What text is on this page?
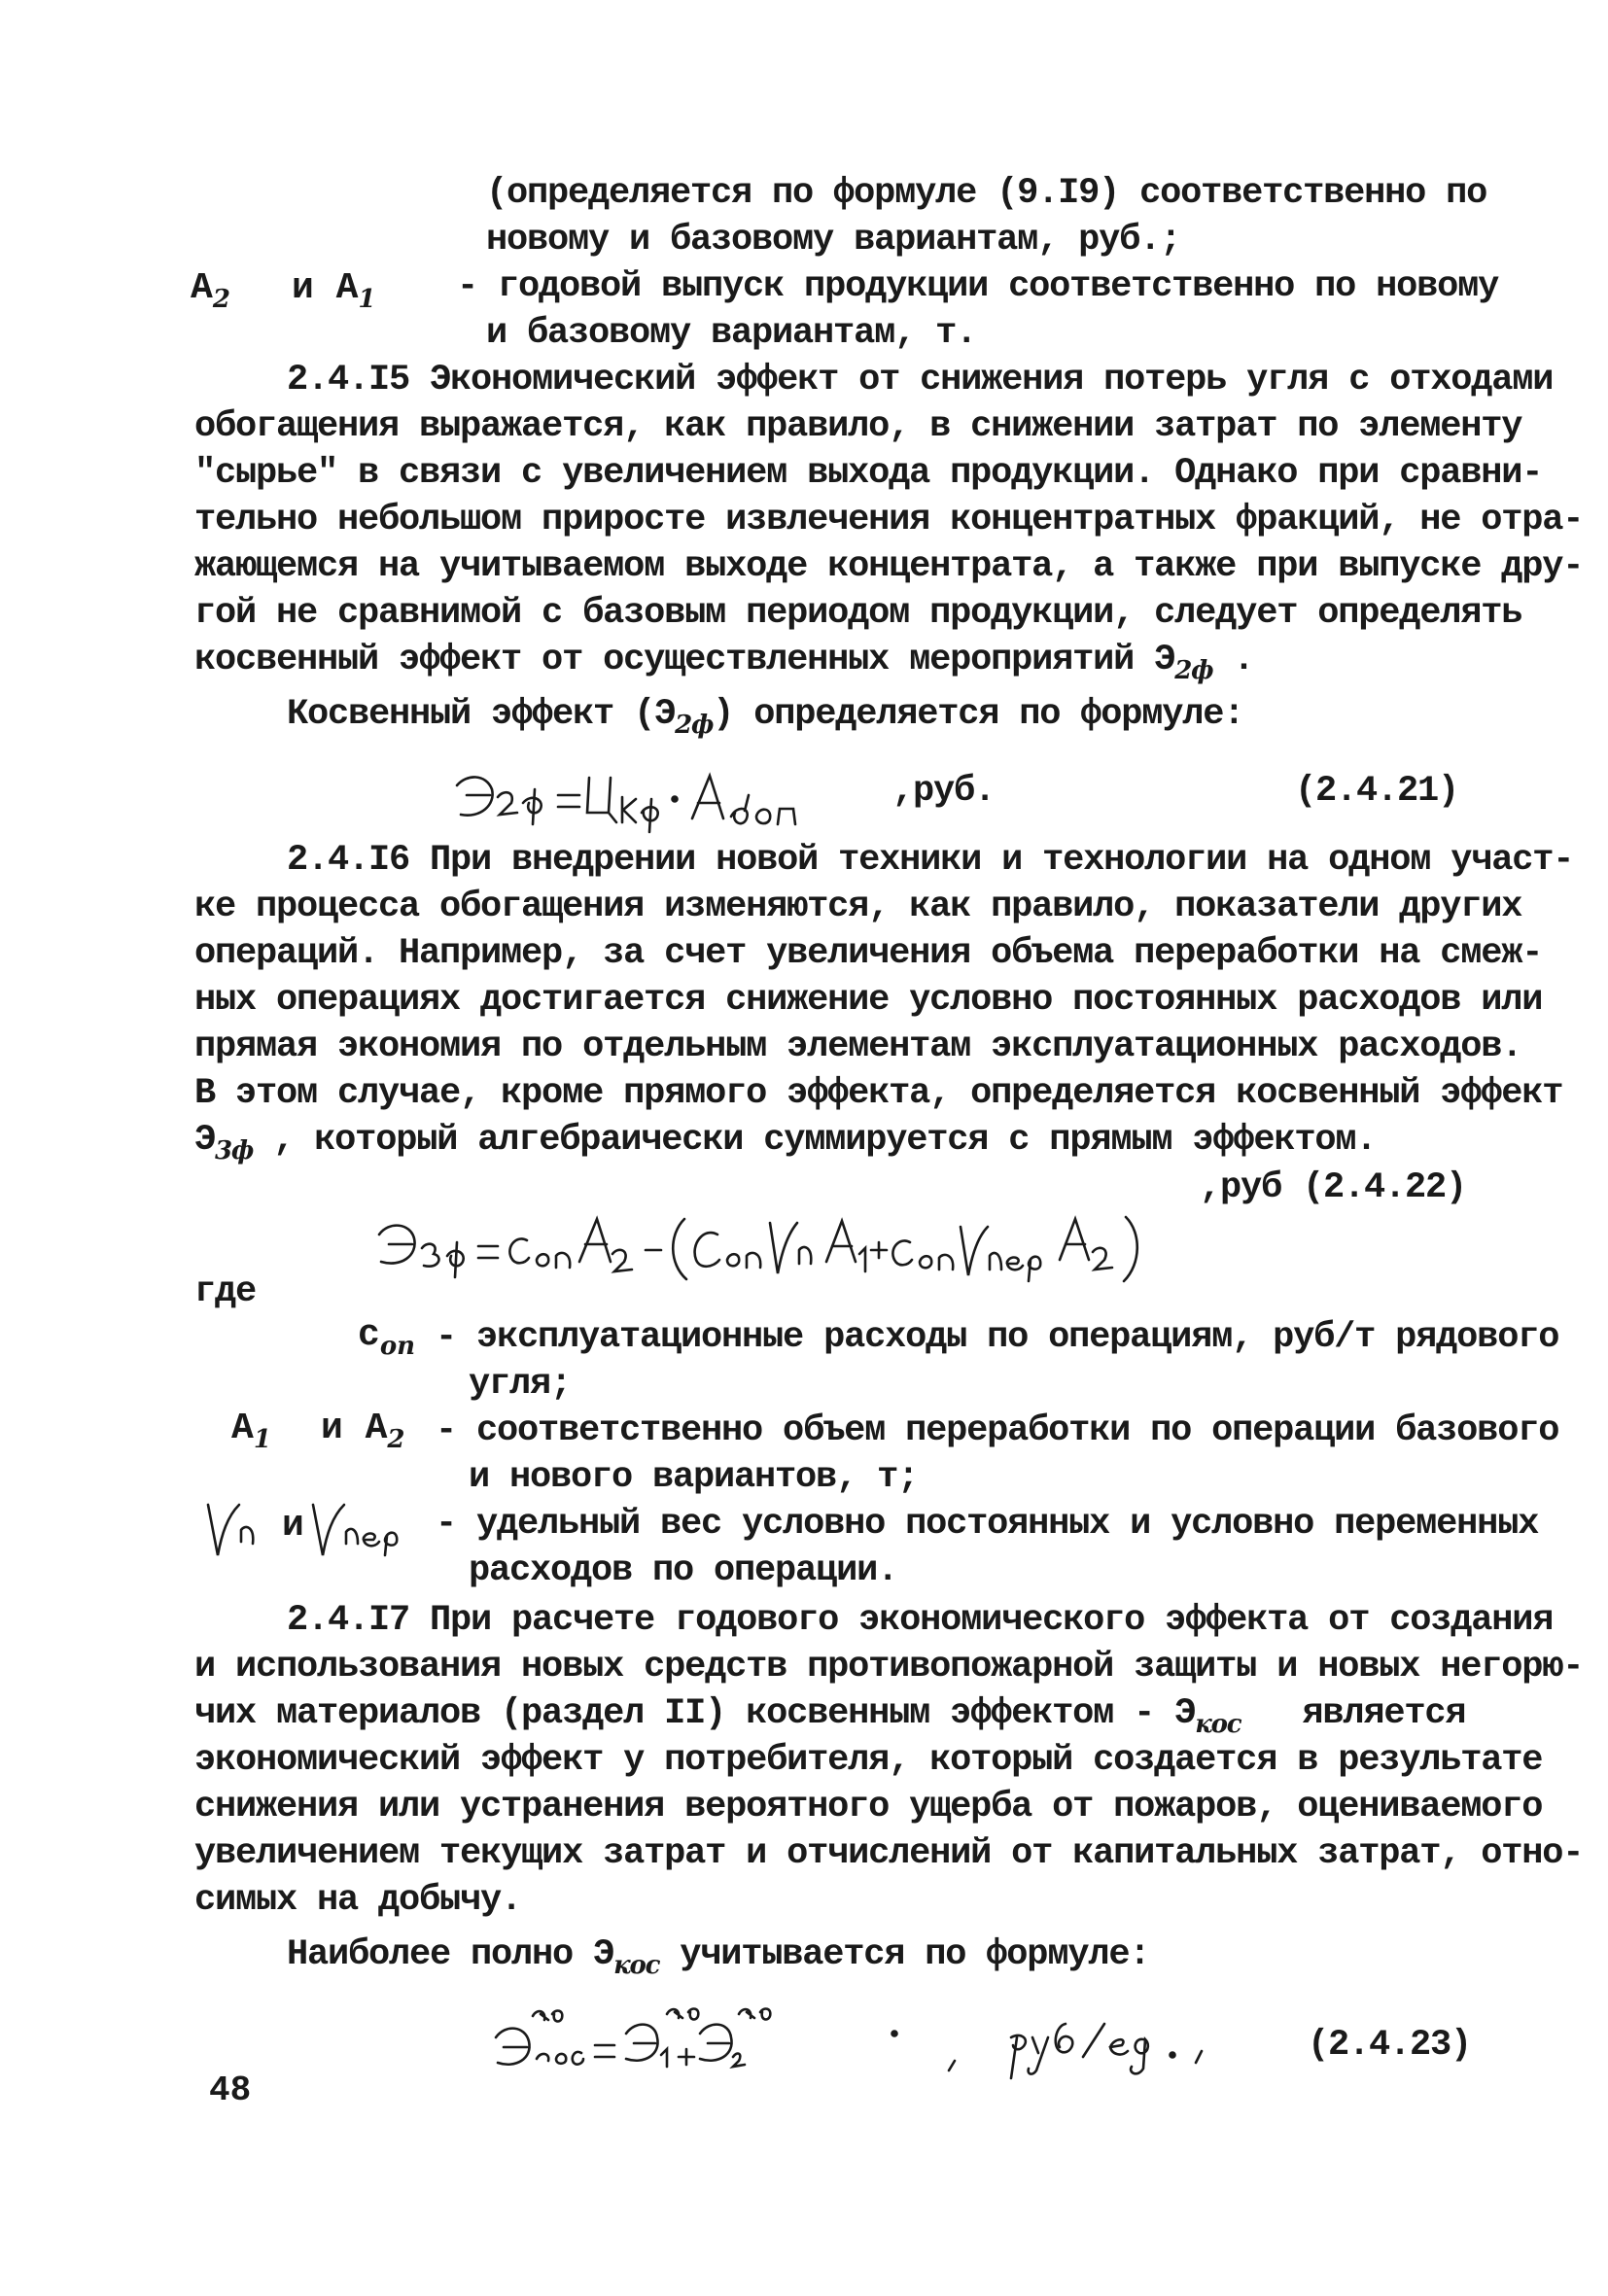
(определяется по формуле (9.I9) соответственно по

новому и базовому вариантам, руб.;

$A_2$ и $A_1$ - годовой выпуск продукции соответственно по новому

и базовому вариантам, т.

2.4.I5 Экономический эффект от снижения потерь угля с отходами

обогащения выражается, как правило, в снижении затрат по элементу

"сырье" в связи с увеличением выхода продукции. Однако при сравни-

тельно небольшом приросте извлечения концентратных фракций, не отра-

жающемся на учитываемом выходе концентрата, а также при выпуске дру-

гой не сравнимой с базовым периодом продукции, следует определять

косвенный эффект от осуществленных мероприятий $Э_{2ф}$ .

Косвенный эффект $(Э_{2ф})$ определяется по формуле:

,руб.	(2.4.21)

2.4.I6 При внедрении новой техники и технологии на одном участ-

ке процесса обогащения изменяются, как правило, показатели других

операций. Например, за счет увеличения объема переработки на смеж-

ных операциях достигается снижение условно постоянных расходов или

прямая экономия по отдельным элементам эксплуатационных расходов.

В этом случае, кроме прямого эффекта, определяется косвенный эффект

$Э_{3ф}$ , который алгебраически суммируется с прямым эффектом.

,руб (2.4.22)

где

$c_{оп}$ - эксплуатационные расходы по операциям, руб/т рядового

угля;

$A_1$ и $A_2$ - соответственно объем переработки по операции базового

и нового вариантов, т;

и	- удельный вес условно постоянных и условно переменных

расходов по операции.

2.4.I7 При расчете годового экономического эффекта от создания

и использования новых средств противопожарной защиты и новых негорю-

чих материалов (раздел II) косвенным эффектом - $Э_{кос}$ является

экономический эффект у потребителя, который создается в результате

снижения или устранения вероятного ущерба от пожаров, оцениваемого

увеличением текущих затрат и отчислений от капитальных затрат, отно-

симых на добычу.

Наиболее полно $Э_{кос}$ учитывается по формуле:

(2.4.23)

48
